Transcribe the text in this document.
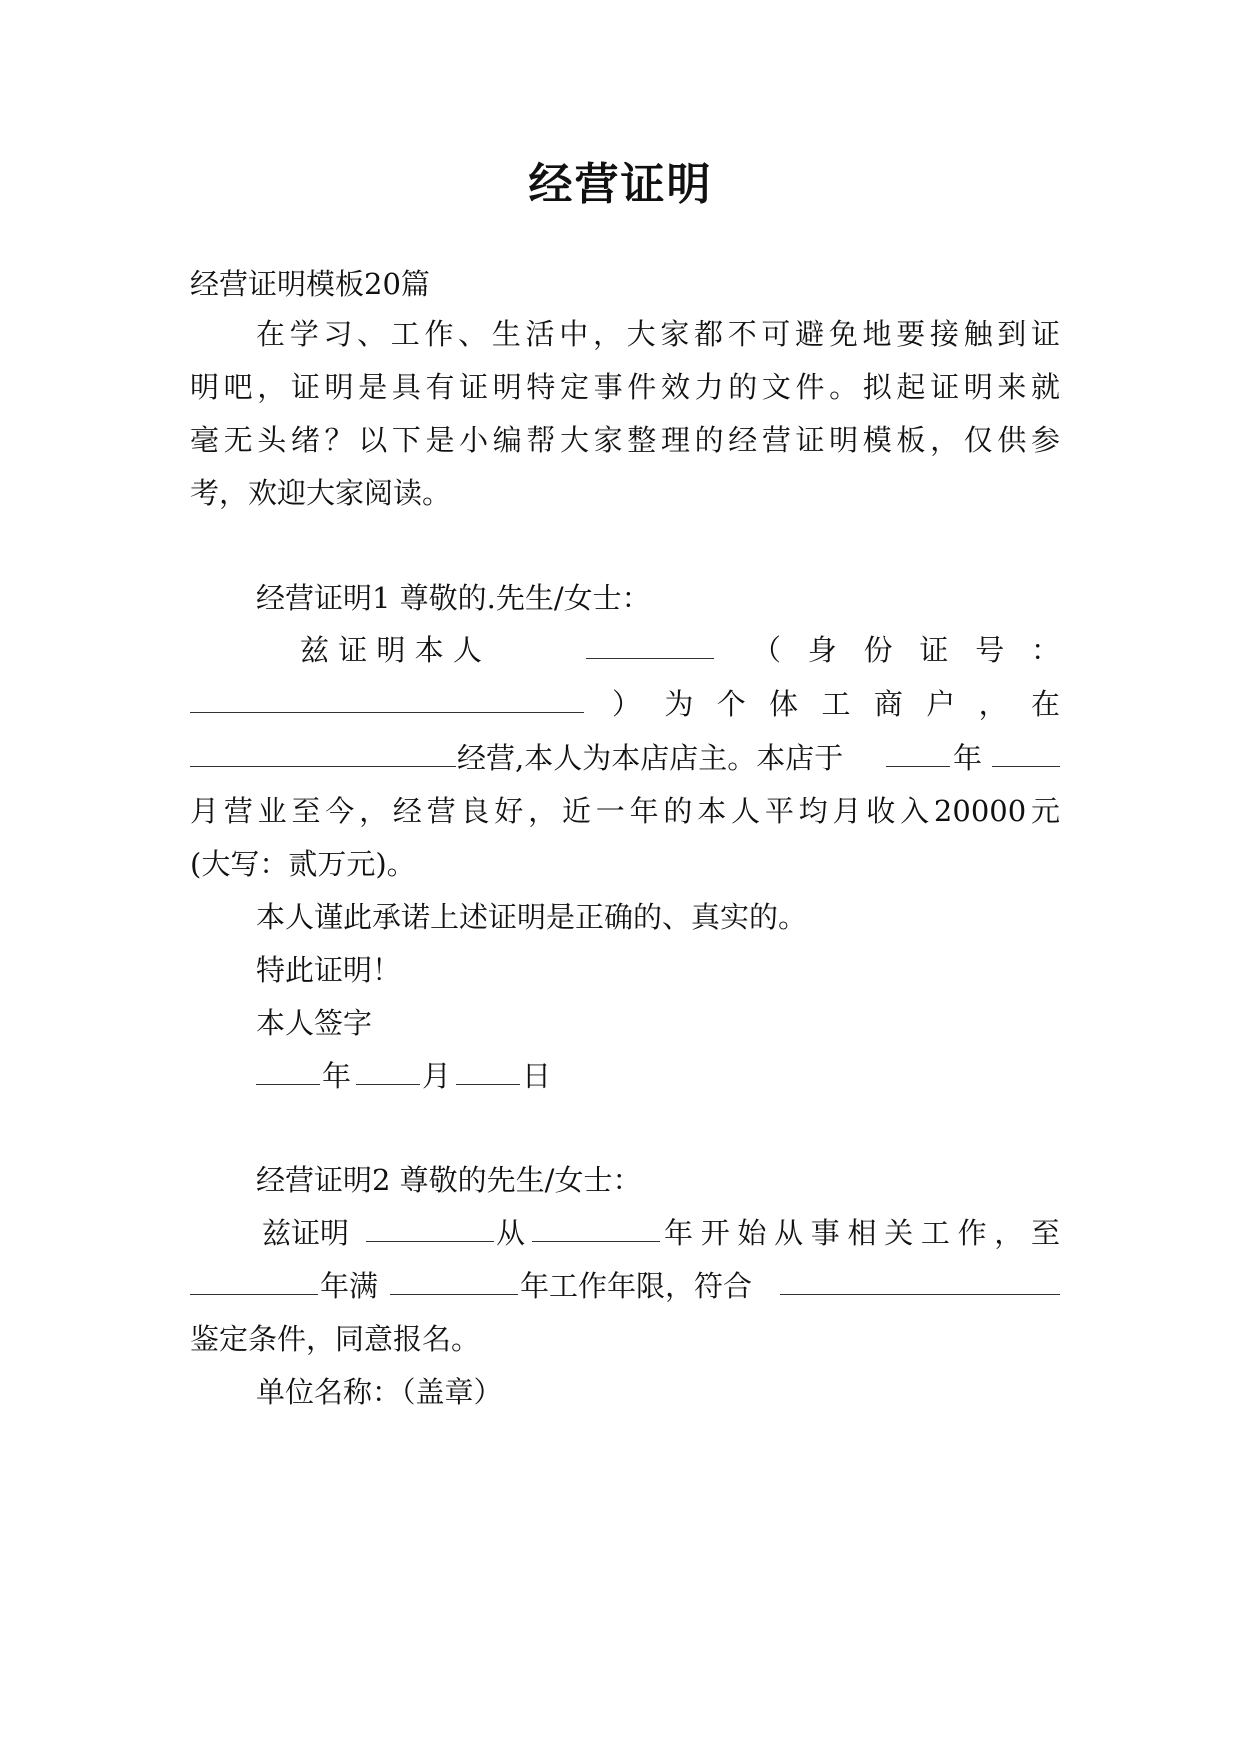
经营证明
经营证明模板20篇
在学习、工作、生活中，大家都不可避免地要接触到证
明吧，证明是具有证明特定事件效力的文件。拟起证明来就
毫无头绪？以下是小编帮大家整理的经营证明模板，仅供参
考，欢迎大家阅读。
经营证明1 尊敬的.先生/女士：
兹 证 明 本 人	（ 身 份 证 号 ：
） 为 个 体 工 商 户 ， 在
经营,本人为本店店主。本店于	年
月营业至今，经营良好，近一年的本人平均月收入20000元
(大写：贰万元)。
本人谨此承诺上述证明是正确的、真实的。
特此证明！
本人签字
年 月 日
经营证明2 尊敬的先生/女士：
兹证明	从	年开始从事相关工作，至
年满	年工作年限，符合
鉴定条件，同意报名。
单位名称：（盖章）
